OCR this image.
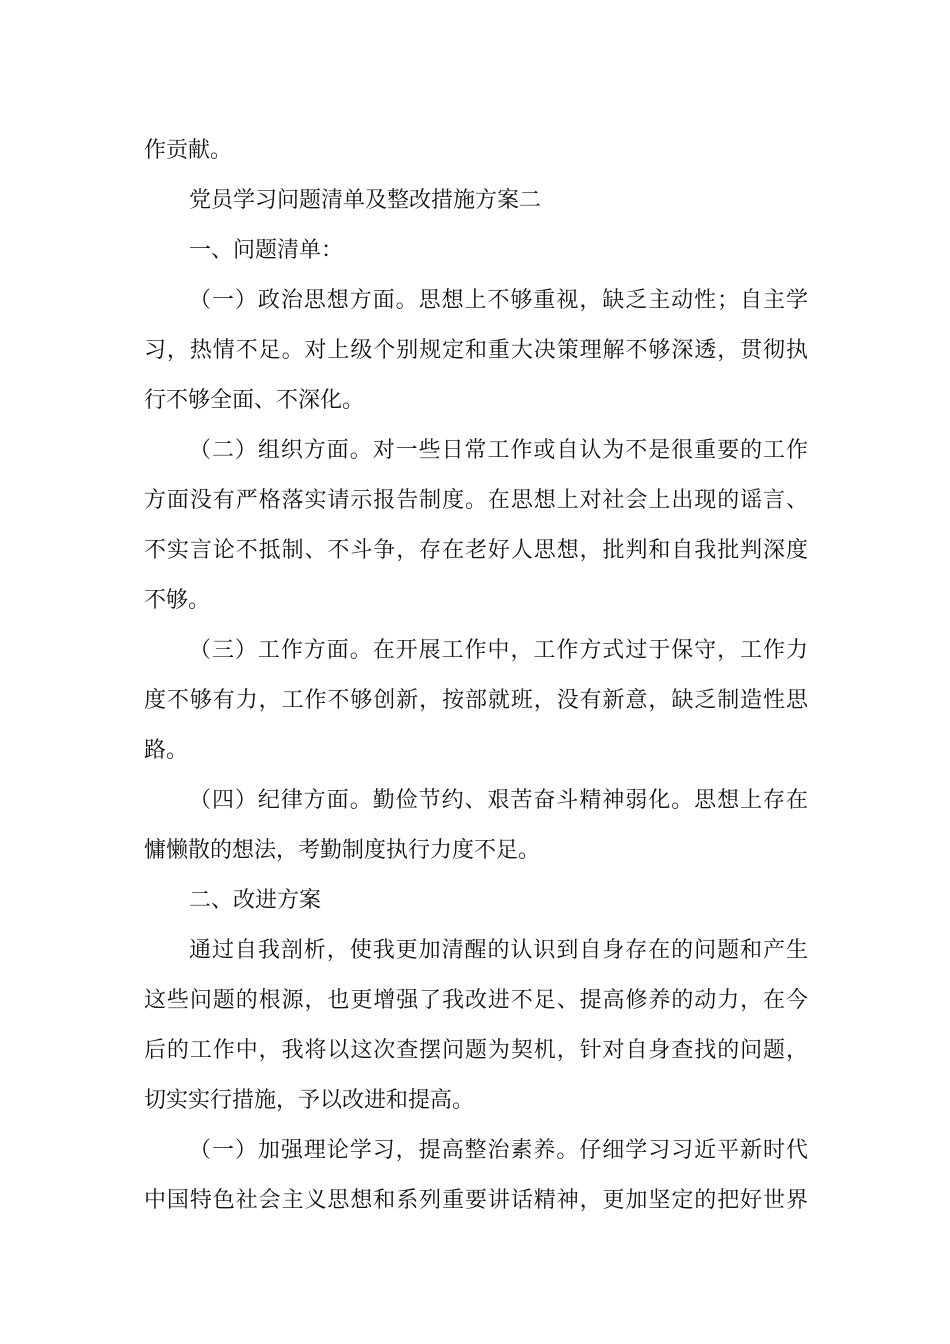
作贡献。
党员学习问题清单及整改措施方案二
一、问题清单：
（一）政治思想方面。思想上不够重视，缺乏主动性；自主学
习，热情不足。对上级个别规定和重大决策理解不够深透，贯彻执
行不够全面、不深化。
（二）组织方面。对一些日常工作或自认为不是很重要的工作
方面没有严格落实请示报告制度。在思想上对社会上出现的谣言、
不实言论不抵制、不斗争，存在老好人思想，批判和自我批判深度
不够。
（三）工作方面。在开展工作中，工作方式过于保守，工作力
度不够有力，工作不够创新，按部就班，没有新意，缺乏制造性思
路。
（四）纪律方面。勤俭节约、艰苦奋斗精神弱化。思想上存在
慵懒散的想法，考勤制度执行力度不足。
二、改进方案
通过自我剖析，使我更加清醒的认识到自身存在的问题和产生
这些问题的根源，也更增强了我改进不足、提高修养的动力，在今
后的工作中，我将以这次查摆问题为契机，针对自身查找的问题，
切实实行措施，予以改进和提高。
（一）加强理论学习，提高整治素养。仔细学习习近平新时代
中国特色社会主义思想和系列重要讲话精神，更加坚定的把好世界
